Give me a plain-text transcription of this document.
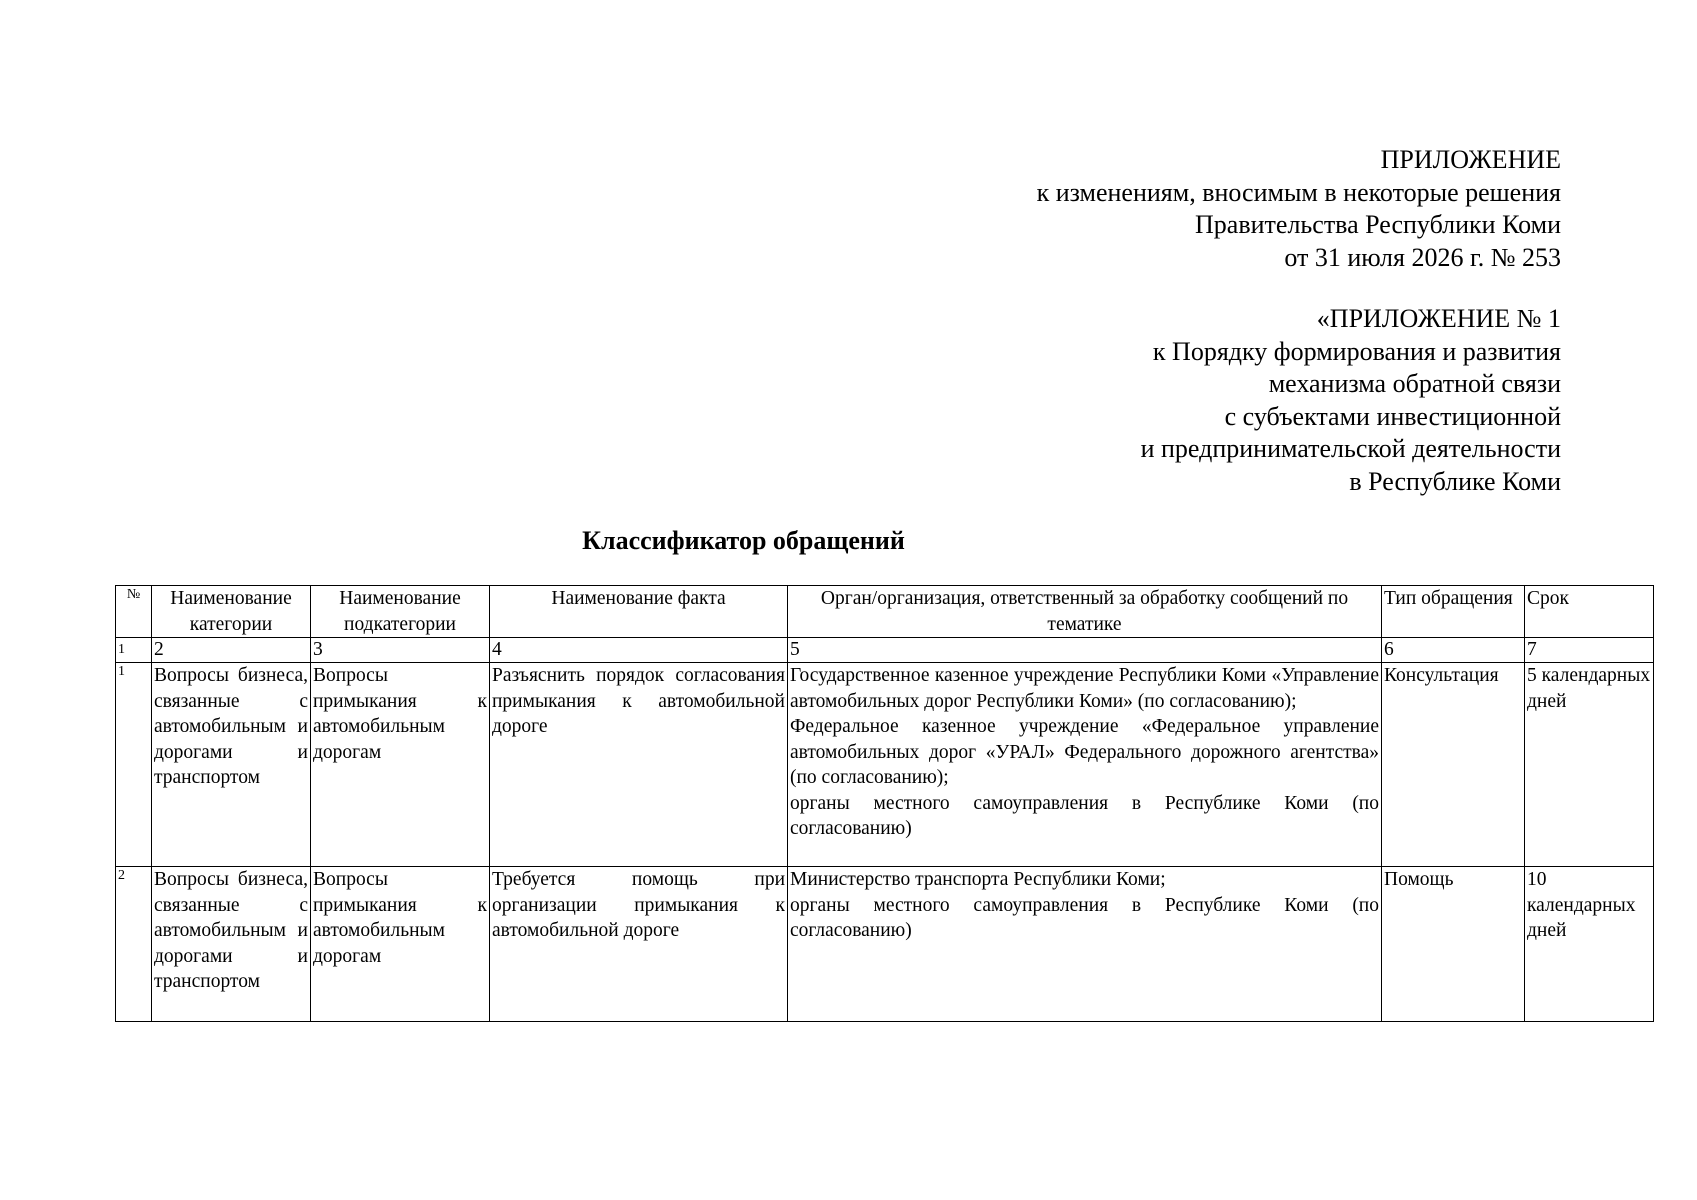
ПРИЛОЖЕНИЕ
к изменениям, вносимым в некоторые решения
Правительства Республики Коми
от 31 июля 2026 г. № 253
«ПРИЛОЖЕНИЕ № 1
к Порядку формирования и развития
механизма обратной связи
с субъектами инвестиционной
и предпринимательской деятельности
в Республике Коми
Классификатор обращений
№	Наименование категории	Наименование подкатегории	Наименование факта	Орган/организация, ответственный за обработку сообщений по тематике	Тип обращения	Срок
1	2	3	4	5	6	7
1	Вопросы бизнеса, связанные с автомобильным и дорогами и транспортом	Вопросы примыкания к автомобильным дорогам	Разъяснить порядок согласования примыкания к автомобильной дороге	Государственное казенное учреждение Республики Коми «Управление автомобильных дорог Республики Коми» (по согласованию);

Федеральное казенное учреждение «Федеральное управление автомобильных дорог «УРАЛ» Федерального дорожного агентства» (по согласованию);

органы местного самоуправления в Республике Коми (по согласованию)	Консультация	5 календарных дней
2	Вопросы бизнеса, связанные с автомобильным и дорогами и транспортом	Вопросы примыкания к автомобильным дорогам	Требуется помощь при организации примыкания к автомобильной дороге	Министерство транспорта Республики Коми;

органы местного самоуправления в Республике Коми (по согласованию)	Помощь	10 календарных дней
